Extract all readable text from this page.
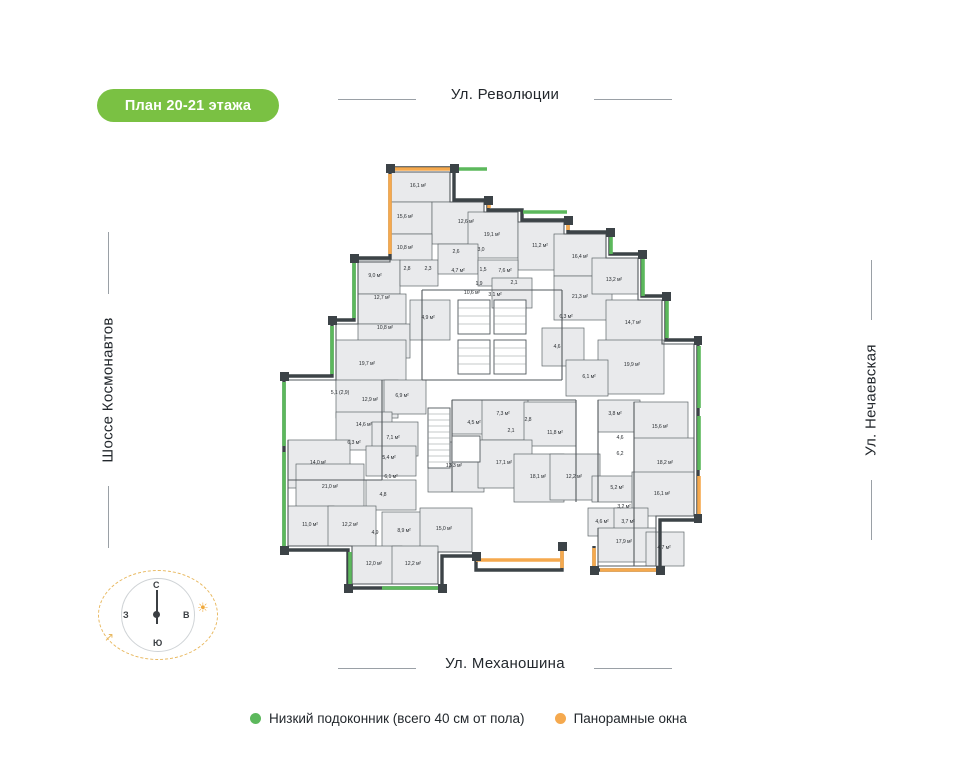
План 20-21 этажа
Ул. Революции
Ул. Механошина
Шоссе Космонавтов	Ул. Нечаевская
С
Ю
З	В ☀
↗
Низкий подоконник (всего 40 см от пола)	Панорамные окна
16,1 м²
15,6 м²
12,6 м²
19,1 м²
10,8 м²	11,2 м²
16,4 м²
2,6	3,0
2,8	2,3
9,0 м²
4,7 м²	7,6 м²
1,5
2,1
1,9
13,2 м²
12,7 м²
10,6 м²
21,3 м²
3,1 м²
4,9 м²
10,8 м²
6,3 м²
14,7 м²
19,7 м²	19,9 м²
4,6
6,1 м²
5,1 (2,9)
12,9 м²
6,9 м²
3,8 м²
15,6 м²
7,3 м²
4,5 м²	2,8
2,1	11,8 м²
14,6 м²
6,3 м²
7,1 м²	4,6
6,2
14,0 м²
5,4 м²
13,3 м²	17,1 м²	18,2 м²
18,1 м²	12,2 м²
6,1 м²
21,0 м²	5,2 м²
16,1 м²
4,8
3,2 м²
11,0 м²	12,2 м²
4,9	8,9 м²	15,0 м²
4,6 м² 3,7 м²
17,9 м²
4,7 м²
12,0 м²	12,2 м²
